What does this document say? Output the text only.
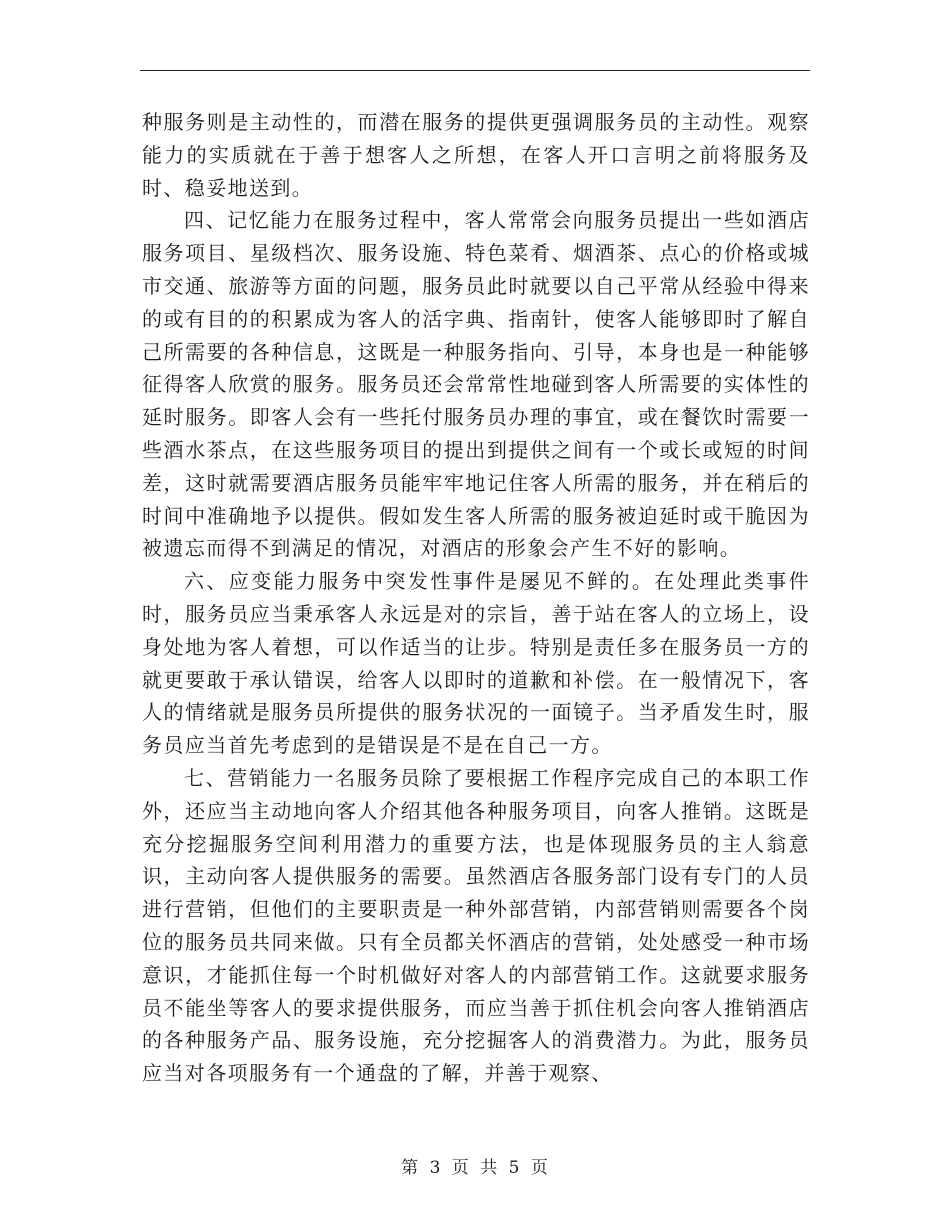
种服务则是主动性的，而潜在服务的提供更强调服务员的主动性。观察能力的实质就在于善于想客人之所想，在客人开口言明之前将服务及时、稳妥地送到。

四、记忆能力在服务过程中，客人常常会向服务员提出一些如酒店服务项目、星级档次、服务设施、特色菜肴、烟酒茶、点心的价格或城市交通、旅游等方面的问题，服务员此时就要以自己平常从经验中得来的或有目的的积累成为客人的活字典、指南针，使客人能够即时了解自己所需要的各种信息，这既是一种服务指向、引导，本身也是一种能够征得客人欣赏的服务。服务员还会常常性地碰到客人所需要的实体性的延时服务。即客人会有一些托付服务员办理的事宜，或在餐饮时需要一些酒水茶点，在这些服务项目的提出到提供之间有一个或长或短的时间差，这时就需要酒店服务员能牢牢地记住客人所需的服务，并在稍后的时间中准确地予以提供。假如发生客人所需的服务被迫延时或干脆因为被遗忘而得不到满足的情况，对酒店的形象会产生不好的影响。

六、应变能力服务中突发性事件是屡见不鲜的。在处理此类事件时，服务员应当秉承客人永远是对的宗旨，善于站在客人的立场上，设身处地为客人着想，可以作适当的让步。特别是责任多在服务员一方的就更要敢于承认错误，给客人以即时的道歉和补偿。在一般情况下，客人的情绪就是服务员所提供的服务状况的一面镜子。当矛盾发生时，服务员应当首先考虑到的是错误是不是在自己一方。

七、营销能力一名服务员除了要根据工作程序完成自己的本职工作外，还应当主动地向客人介绍其他各种服务项目，向客人推销。这既是充分挖掘服务空间利用潜力的重要方法，也是体现服务员的主人翁意识，主动向客人提供服务的需要。虽然酒店各服务部门设有专门的人员进行营销，但他们的主要职责是一种外部营销，内部营销则需要各个岗位的服务员共同来做。只有全员都关怀酒店的营销，处处感受一种市场意识，才能抓住每一个时机做好对客人的内部营销工作。这就要求服务员不能坐等客人的要求提供服务，而应当善于抓住机会向客人推销酒店的各种服务产品、服务设施，充分挖掘客人的消费潜力。为此，服务员应当对各项服务有一个通盘的了解，并善于观察、

第 3 页 共 5 页
